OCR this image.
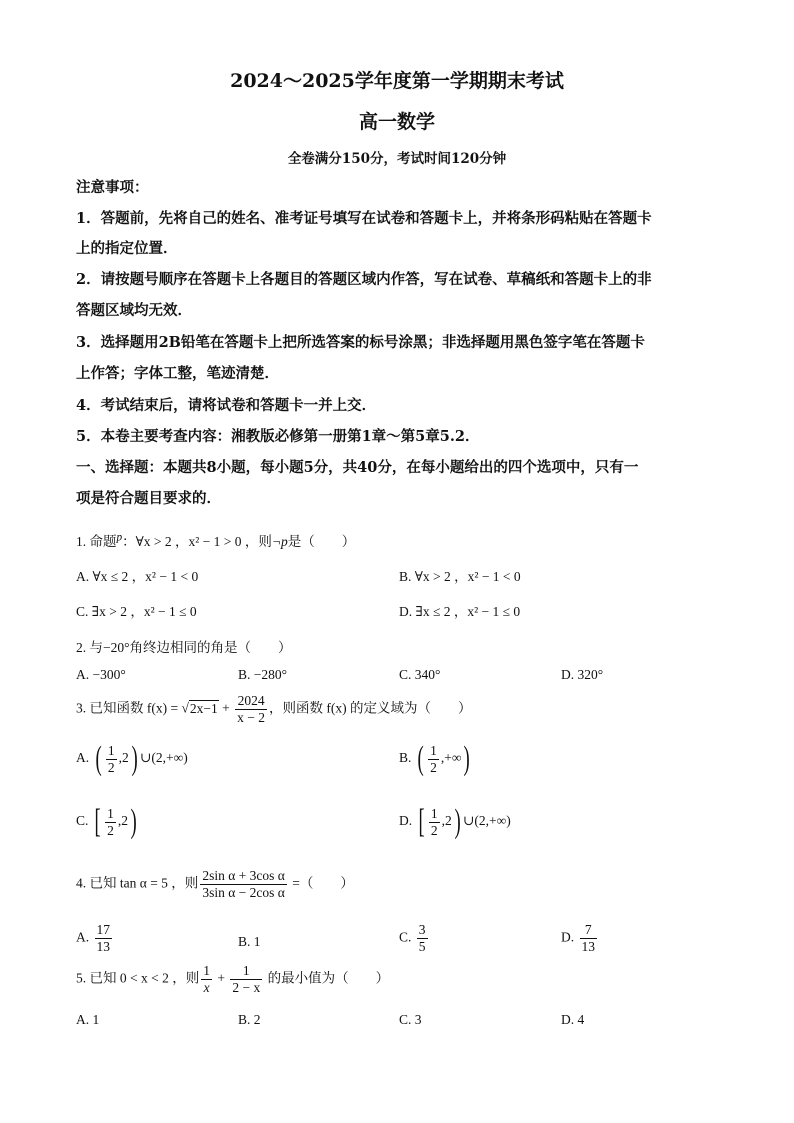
2024～2025学年度第一学期期末考试
高一数学
全卷满分150分，考试时间120分钟
注意事项：
1．答题前，先将自己的姓名、准考证号填写在试卷和答题卡上，并将条形码粘贴在答题卡
上的指定位置．
2．请按题号顺序在答题卡上各题目的答题区域内作答，写在试卷、草稿纸和答题卡上的非
答题区域均无效．
3．选择题用2B铅笔在答题卡上把所选答案的标号涂黑；非选择题用黑色签字笔在答题卡
上作答；字体工整，笔迹清楚．
4．考试结束后，请将试卷和答题卡一并上交．
5．本卷主要考查内容：湘教版必修第一册第1章～第5章5.2．
一、选择题：本题共8小题，每小题5分，共40分，在每小题给出的四个选项中，只有一
项是符合题目要求的．
1. 命题$^p$：∀x > 2 ，x² − 1 > 0 ，则¬p是（　　）
A. ∀x ≤ 2 ，x² − 1 < 0	B. ∀x > 2 ，x² − 1 < 0
C. ∃x > 2 ，x² − 1 ≤ 0	D. ∃x ≤ 2 ，x² − 1 ≤ 0
2. 与−20°角终边相同的角是（　　）
A. −300°	B. −280°	C. 340°	D. 320°
3. 已知函数 $f(x) = √2x-1 + \frac{2024}{x - 2}$ ，则函数 f(x) 的定义域为（　　）
A. ( $\frac{1}{2} ,2$) ∪(2,+∞)	B. ( $\frac{1}{2}$ ,+∞)
C. [ $\frac{1}{2} ,2$)	D. [ $\frac{1}{2} ,2$) ∪(2,+∞)
4. 已知 tan α = 5 ，则 $\frac{\text{2sin α + 3cos α}}{\text{3sin α − 2cos α}}$ =（　　）
A. $\frac{17}{13}$	B. 1	C. $\frac{3}{5}$	D. $\frac{7}{13}$
5. 已知 0 < x < 2 ，则 $\frac{1}{x} + \frac{1}{2 - x}$ 的最小值为（　　）
A. 1	B. 2	C. 3	D. 4
